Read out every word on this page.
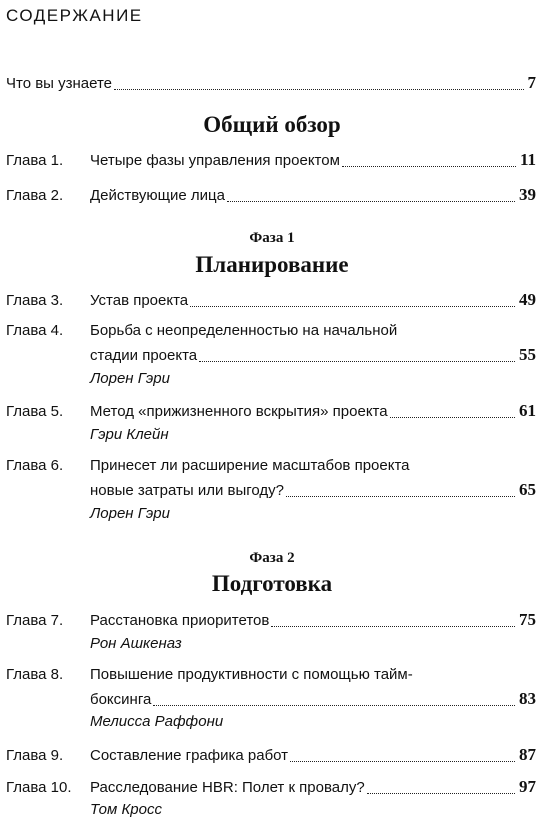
СОДЕРЖАНИЕ
Что вы узнаете	7
Общий обзор
Глава 1.	Четыре фазы управления проектом	11
Глава 2.	Действующие лица	39
Фаза 1
Планирование
Глава 3.	Устав проекта	49
Глава 4.	Борьба с неопределенностью на начальной
стадии проекта	55
Лорен Гэри
Глава 5.	Метод «прижизненного вскрытия» проекта	61
Гэри Клейн
Глава 6.	Принесет ли расширение масштабов проекта
новые затраты или выгоду?	65
Лорен Гэри
Фаза 2
Подготовка
Глава 7.	Расстановка приоритетов	75
Рон Ашкеназ
Глава 8.	Повышение продуктивности с помощью тайм-
боксинга	83
Мелисса Раффони
Глава 9.	Составление графика работ	87
Глава 10.	Расследование HBR: Полет к провалу?	97
Том Кросс
